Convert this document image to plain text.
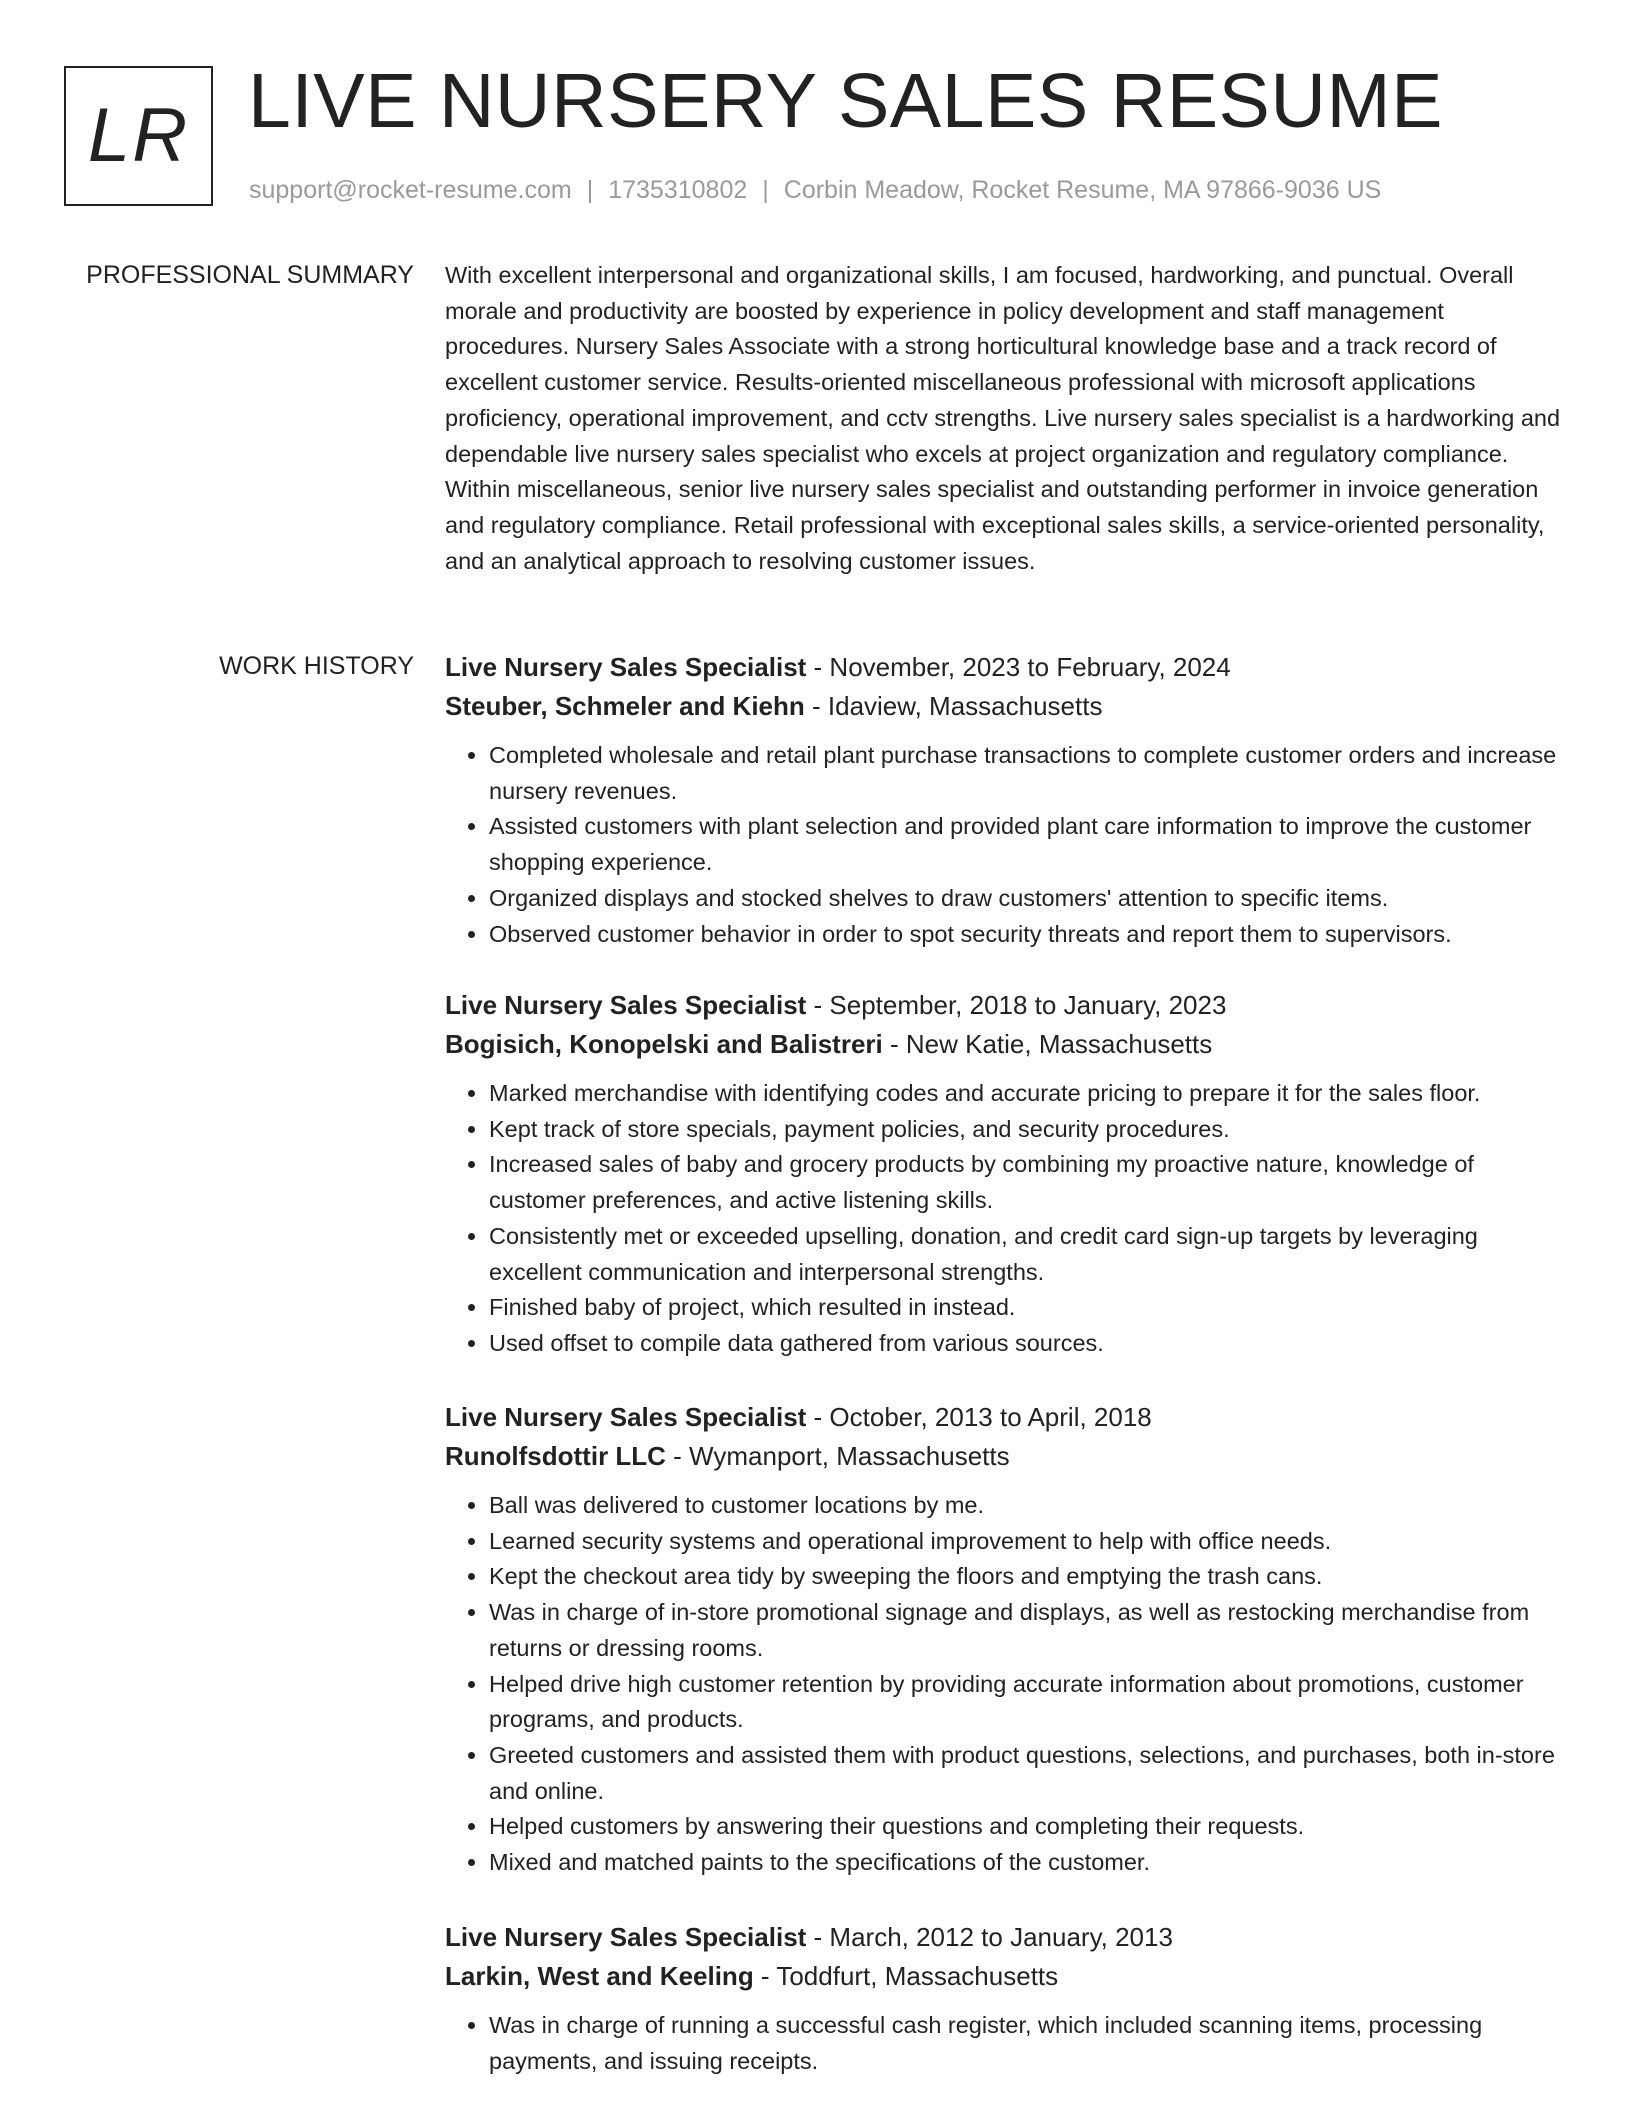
LR LIVE NURSERY SALES RESUME
support@rocket-resume.com | 1735310802 | Corbin Meadow, Rocket Resume, MA 97866-9036 US
PROFESSIONAL SUMMARY With excellent interpersonal and organizational skills, I am focused, hardworking, and punctual. Overall morale and productivity are boosted by experience in policy development and staff management procedures. Nursery Sales Associate with a strong horticultural knowledge base and a track record of excellent customer service. Results-oriented miscellaneous professional with microsoft applications proficiency, operational improvement, and cctv strengths. Live nursery sales specialist is a hardworking and dependable live nursery sales specialist who excels at project organization and regulatory compliance. Within miscellaneous, senior live nursery sales specialist and outstanding performer in invoice generation and regulatory compliance. Retail professional with exceptional sales skills, a service-oriented personality, and an analytical approach to resolving customer issues.

WORK HISTORY Live Nursery Sales Specialist - November, 2023 to February, 2024
Steuber, Schmeler and Kiehn - Idaview, Massachusetts
• Completed wholesale and retail plant purchase transactions to complete customer orders and increase nursery revenues.
• Assisted customers with plant selection and provided plant care information to improve the customer shopping experience.
• Organized displays and stocked shelves to draw customers' attention to specific items.
• Observed customer behavior in order to spot security threats and report them to supervisors.
Live Nursery Sales Specialist - September, 2018 to January, 2023
Bogisich, Konopelski and Balistreri - New Katie, Massachusetts
• Marked merchandise with identifying codes and accurate pricing to prepare it for the sales floor.
• Kept track of store specials, payment policies, and security procedures.
• Increased sales of baby and grocery products by combining my proactive nature, knowledge of customer preferences, and active listening skills.
• Consistently met or exceeded upselling, donation, and credit card sign-up targets by leveraging excellent communication and interpersonal strengths.
• Finished baby of project, which resulted in instead.
• Used offset to compile data gathered from various sources.
Live Nursery Sales Specialist - October, 2013 to April, 2018
Runolfsdottir LLC - Wymanport, Massachusetts
• Ball was delivered to customer locations by me.
• Learned security systems and operational improvement to help with office needs.
• Kept the checkout area tidy by sweeping the floors and emptying the trash cans.
• Was in charge of in-store promotional signage and displays, as well as restocking merchandise from returns or dressing rooms.
• Helped drive high customer retention by providing accurate information about promotions, customer programs, and products.
• Greeted customers and assisted them with product questions, selections, and purchases, both in-store and online.
• Helped customers by answering their questions and completing their requests.
• Mixed and matched paints to the specifications of the customer.
Live Nursery Sales Specialist - March, 2012 to January, 2013
Larkin, West and Keeling - Toddfurt, Massachusetts
• Was in charge of running a successful cash register, which included scanning items, processing payments, and issuing receipts.
